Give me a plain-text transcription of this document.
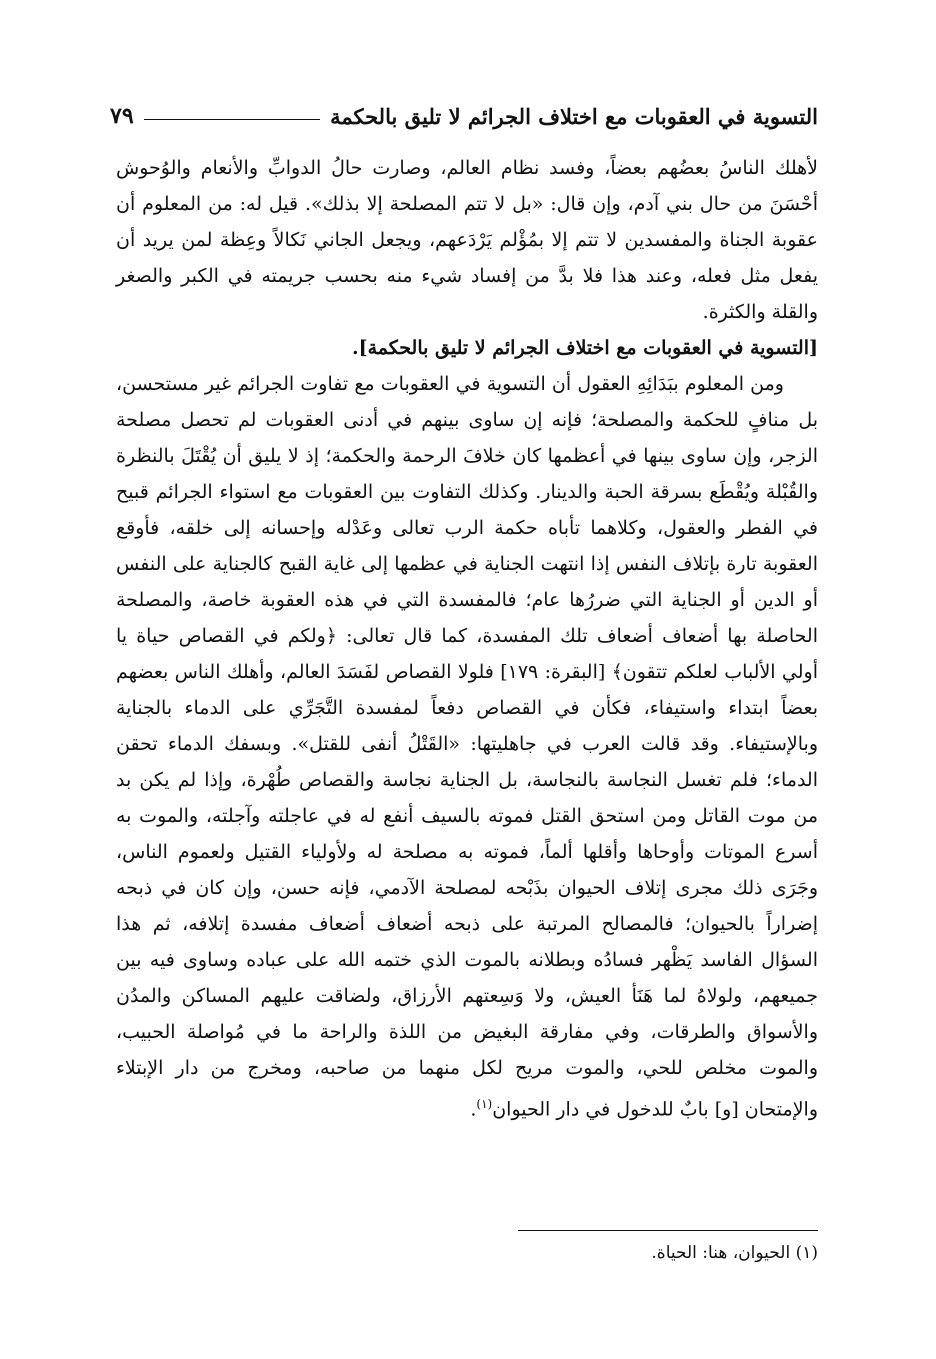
التسوية في العقوبات مع اختلاف الجرائم لا تليق بالحكمة
٧٩

لأهلك الناسُ بعضُهم بعضاً، وفسد نظام العالم، وصارت حالُ الدوابِّ والأنعام والوُحوش أحْسَنَ من حال بني آدم، وإن قال: «بل لا تتم المصلحة إلا بذلك». قيل له: من المعلوم أن عقوبة الجناة والمفسدين لا تتم إلا بمُؤْلم يَرْدَعهم، ويجعل الجاني نَكالاً وعِظة لمن يريد أن يفعل مثل فعله، وعند هذا فلا بدَّ من إفساد شيء منه بحسب جريمته في الكبر والصغر والقلة والكثرة.

[التسوية في العقوبات مع اختلاف الجرائم لا تليق بالحكمة].

ومن المعلوم ببَدَائِهِ العقول أن التسوية في العقوبات مع تفاوت الجرائم غير مستحسن، بل منافٍ للحكمة والمصلحة؛ فإنه إن ساوى بينهم في أدنى العقوبات لم تحصل مصلحة الزجر، وإن ساوى بينها في أعظمها كان خلافَ الرحمة والحكمة؛ إذ لا يليق أن يُقْتَلَ بالنظرة والقُبْلة ويُقْطَع بسرقة الحبة والدينار. وكذلك التفاوت بين العقوبات مع استواء الجرائم قبيح في الفطر والعقول، وكلاهما تأباه حكمة الرب تعالى وعَدْله وإحسانه إلى خلقه، فأوقع العقوبة تارة بإتلاف النفس إذا انتهت الجناية في عظمها إلى غاية القبح كالجناية على النفس أو الدين أو الجناية التي ضررُها عام؛ فالمفسدة التي في هذه العقوبة خاصة، والمصلحة الحاصلة بها أضعاف أضعاف تلك المفسدة، كما قال تعالى: ﴿ولكم في القصاص حياة يا أولي الألباب لعلكم تتقون﴾ [البقرة: ١٧٩] فلولا القصاص لفَسَدَ العالم، وأهلك الناس بعضهم بعضاً ابتداء واستيفاء، فكأن في القصاص دفعاً لمفسدة التَّجَرِّي على الدماء بالجناية وبالإستيفاء. وقد قالت العرب في جاهليتها: «القَتْلُ أنفى للقتل». وبسفك الدماء تحقن الدماء؛ فلم تغسل النجاسة بالنجاسة، بل الجناية نجاسة والقصاص طُهْرة، وإذا لم يكن بد من موت القاتل ومن استحق القتل فموته بالسيف أنفع له في عاجلته وآجلته، والموت به أسرع الموتات وأوحاها وأقلها ألماً، فموته به مصلحة له ولأولياء القتيل ولعموم الناس، وجَرَى ذلك مجرى إتلاف الحيوان بذَبْحه لمصلحة الآدمي، فإنه حسن، وإن كان في ذبحه إضراراً بالحيوان؛ فالمصالح المرتبة على ذبحه أضعاف أضعاف مفسدة إتلافه، ثم هذا السؤال الفاسد يَظْهر فسادُه وبطلانه بالموت الذي ختمه الله على عباده وساوى فيه بين جميعهم، ولولاهُ لما هَنَأ العيش، ولا وَسِعتهم الأرزاق، ولضاقت عليهم المساكن والمدُن والأسواق والطرقات، وفي مفارقة البغيض من اللذة والراحة ما في مُواصلة الحبيب، والموت مخلص للحي، والموت مريح لكل منهما من صاحبه، ومخرج من دار الإبتلاء والإمتحان [و] بابٌ للدخول في دار الحيوان$^{(١)}$.

(١) الحيوان، هنا: الحياة.
